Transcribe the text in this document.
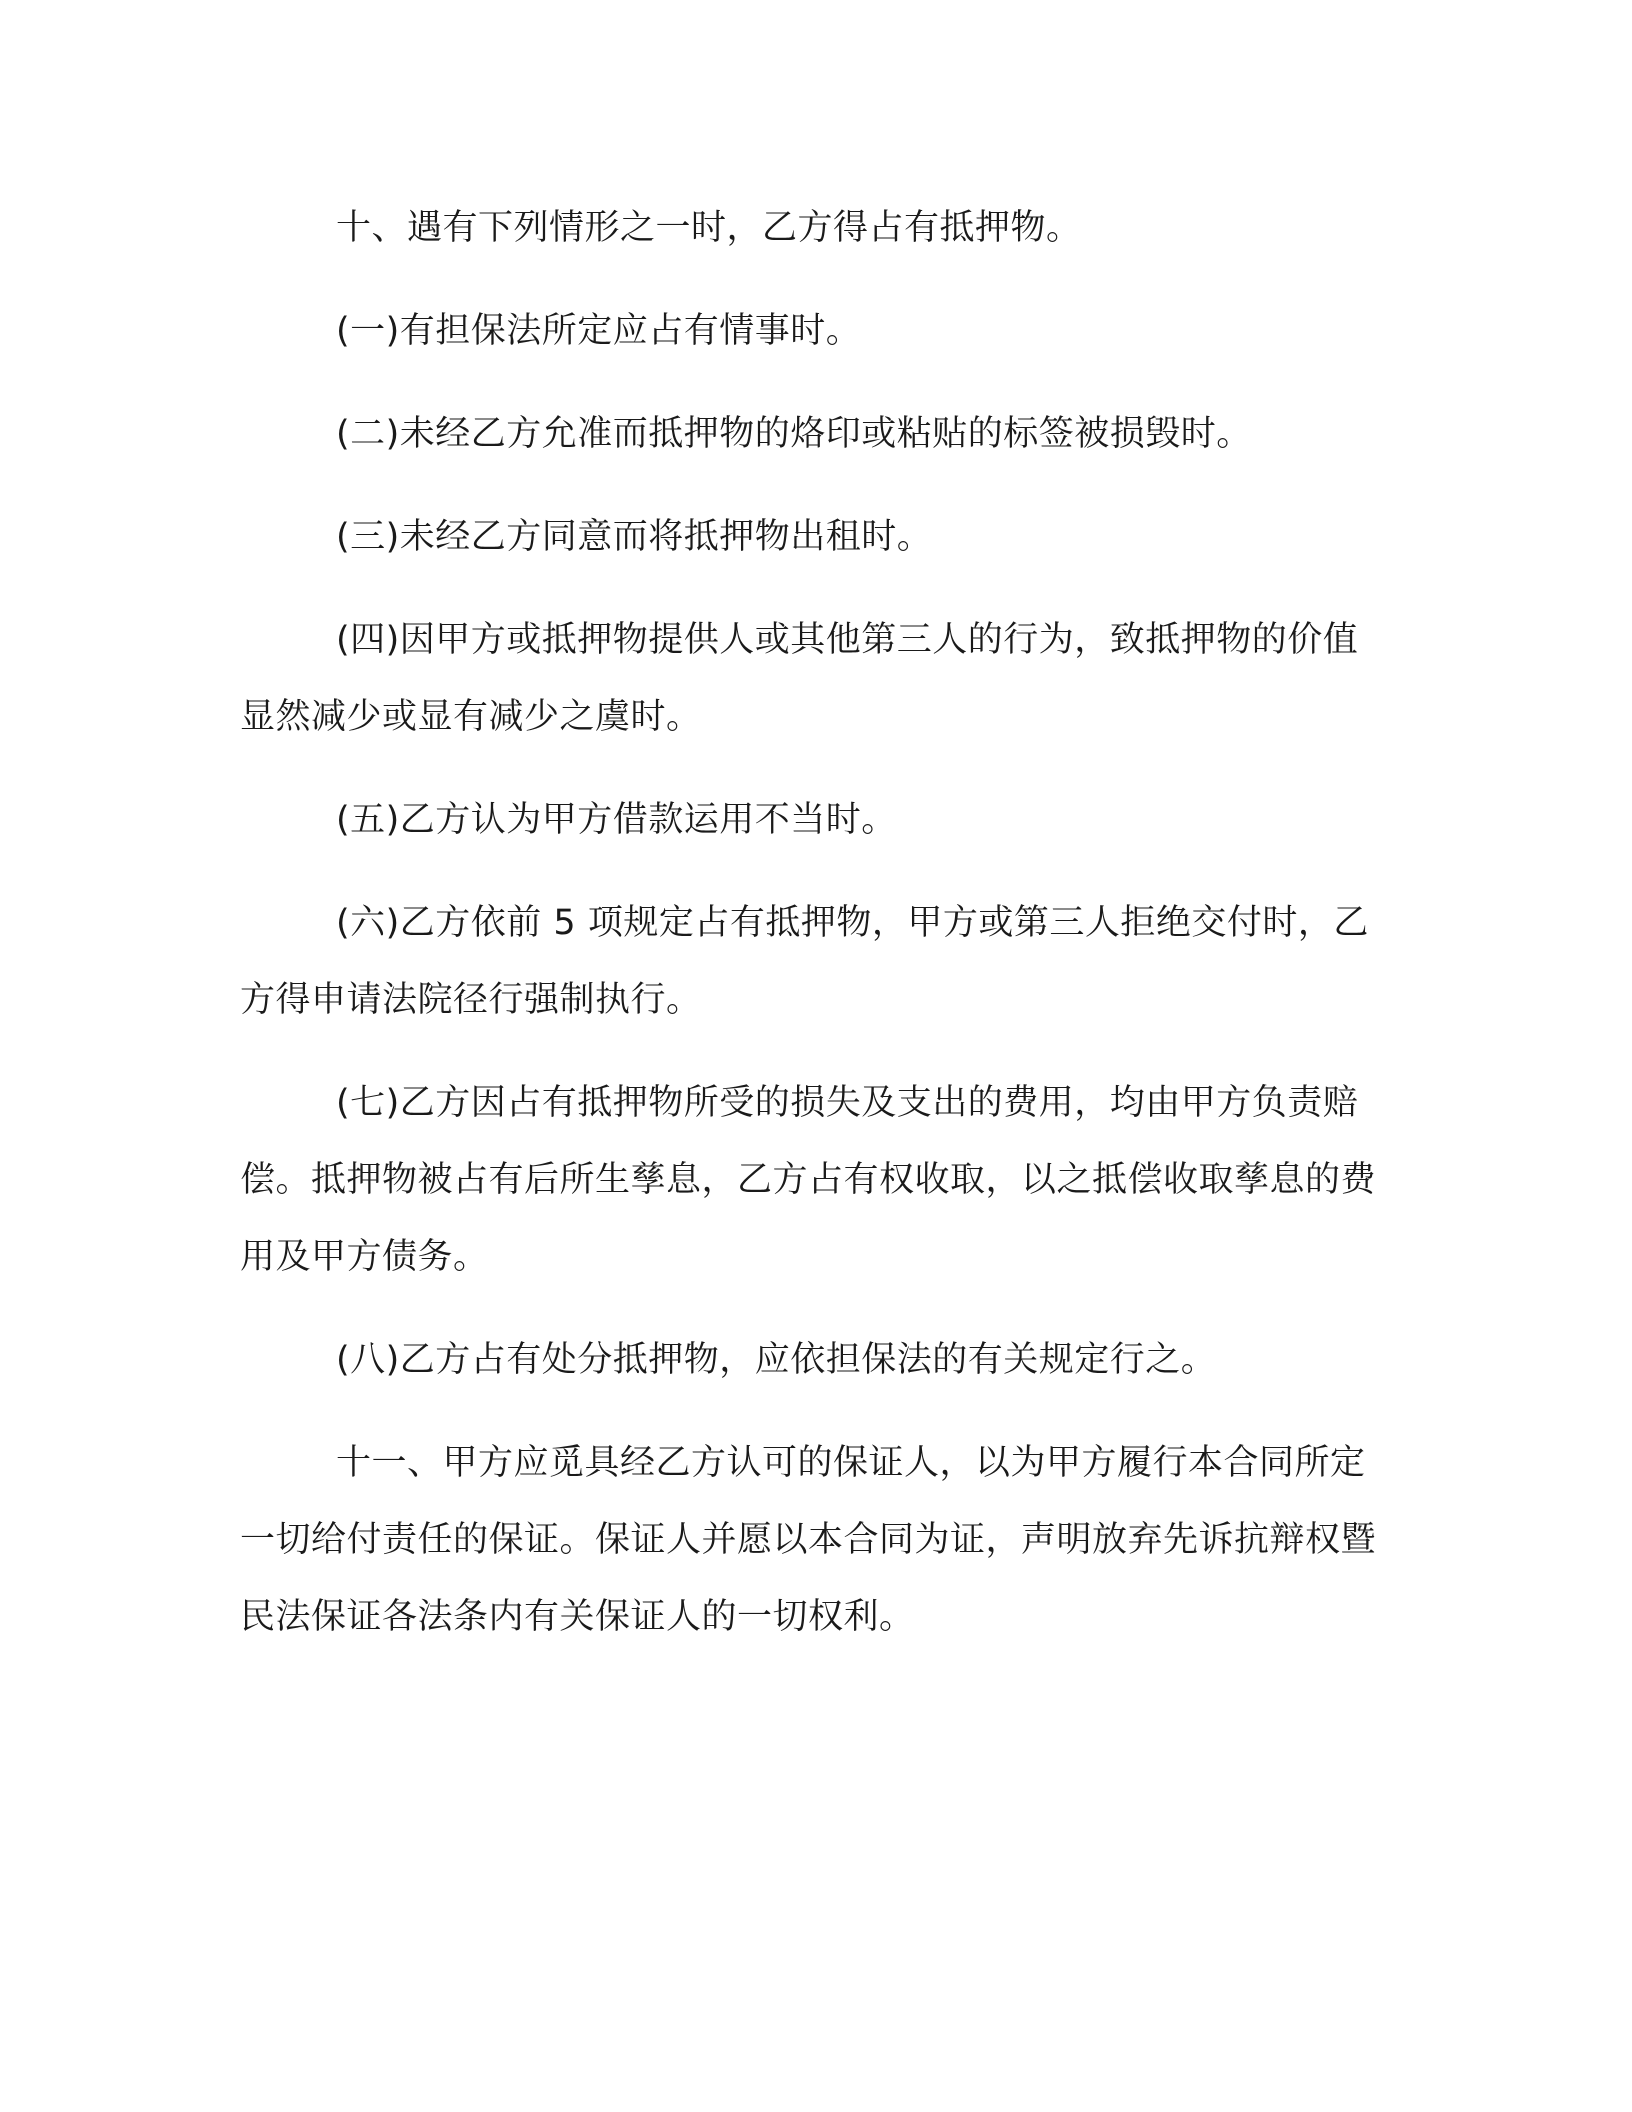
十、遇有下列情形之一时，乙方得占有抵押物。

(一)有担保法所定应占有情事时。

(二)未经乙方允准而抵押物的烙印或粘贴的标签被损毁时。

(三)未经乙方同意而将抵押物出租时。

(四)因甲方或抵押物提供人或其他第三人的行为，致抵押物的价值显然减少或显有减少之虞时。

(五)乙方认为甲方借款运用不当时。

(六)乙方依前 5 项规定占有抵押物，甲方或第三人拒绝交付时，乙方得申请法院径行强制执行。

(七)乙方因占有抵押物所受的损失及支出的费用，均由甲方负责赔偿。抵押物被占有后所生孳息，乙方占有权收取，以之抵偿收取孳息的费用及甲方债务。

(八)乙方占有处分抵押物，应依担保法的有关规定行之。

十一、甲方应觅具经乙方认可的保证人，以为甲方履行本合同所定一切给付责任的保证。保证人并愿以本合同为证，声明放弃先诉抗辩权暨民法保证各法条内有关保证人的一切权利。
